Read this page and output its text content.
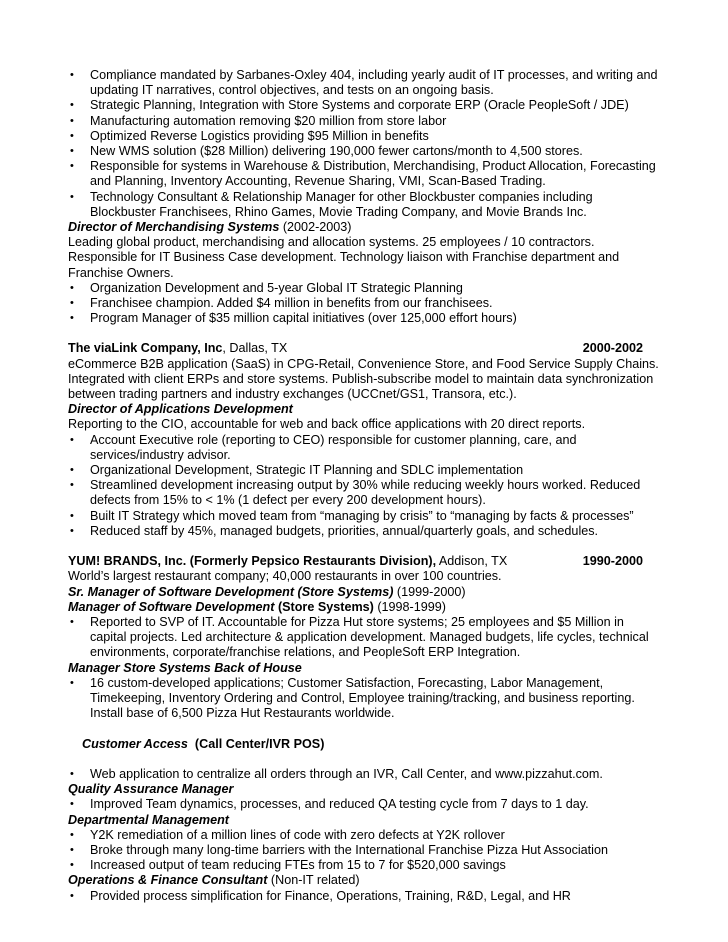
• Compliance mandated by Sarbanes-Oxley 404, including yearly audit of IT processes, and writing and updating IT narratives, control objectives, and tests on an ongoing basis.
• Strategic Planning, Integration with Store Systems and corporate ERP (Oracle PeopleSoft / JDE)
• Manufacturing automation removing $20 million from store labor
• Optimized Reverse Logistics providing $95 Million in benefits
• New WMS solution ($28 Million) delivering 190,000 fewer cartons/month to 4,500 stores.
• Responsible for systems in Warehouse & Distribution, Merchandising, Product Allocation, Forecasting and Planning, Inventory Accounting, Revenue Sharing, VMI, Scan-Based Trading.
• Technology Consultant & Relationship Manager for other Blockbuster companies including Blockbuster Franchisees, Rhino Games, Movie Trading Company, and Movie Brands Inc.
Director of Merchandising Systems (2002-2003)
Leading global product, merchandising and allocation systems. 25 employees / 10 contractors. Responsible for IT Business Case development. Technology liaison with Franchise department and Franchise Owners.
• Organization Development and 5-year Global IT Strategic Planning
• Franchisee champion. Added $4 million in benefits from our franchisees.
• Program Manager of $35 million capital initiatives (over 125,000 effort hours)
The viaLink Company, Inc, Dallas, TX	2000-2002
eCommerce B2B application (SaaS) in CPG-Retail, Convenience Store, and Food Service Supply Chains. Integrated with client ERPs and store systems. Publish-subscribe model to maintain data synchronization between trading partners and industry exchanges (UCCnet/GS1, Transora, etc.).
Director of Applications Development
Reporting to the CIO, accountable for web and back office applications with 20 direct reports.
• Account Executive role (reporting to CEO) responsible for customer planning, care, and services/industry advisor.
• Organizational Development, Strategic IT Planning and SDLC implementation
• Streamlined development increasing output by 30% while reducing weekly hours worked. Reduced defects from 15% to < 1% (1 defect per every 200 development hours).
• Built IT Strategy which moved team from “managing by crisis” to “managing by facts & processes”
• Reduced staff by 45%, managed budgets, priorities, annual/quarterly goals, and schedules.
YUM! BRANDS, Inc. (Formerly Pepsico Restaurants Division), Addison, TX	1990-2000
World’s largest restaurant company; 40,000 restaurants in over 100 countries.
Sr. Manager of Software Development (Store Systems) (1999-2000)
Manager of Software Development (Store Systems) (1998-1999)
• Reported to SVP of IT. Accountable for Pizza Hut store systems; 25 employees and $5 Million in capital projects. Led architecture & application development. Managed budgets, life cycles, technical environments, corporate/franchise relations, and PeopleSoft ERP Integration.
Manager Store Systems Back of House
• 16 custom-developed applications; Customer Satisfaction, Forecasting, Labor Management, Timekeeping, Inventory Ordering and Control, Employee training/tracking, and business reporting. Install base of 6,500 Pizza Hut Restaurants worldwide.

Customer Access  (Call Center/IVR POS)

• Web application to centralize all orders through an IVR, Call Center, and www.pizzahut.com.
Quality Assurance Manager
• Improved Team dynamics, processes, and reduced QA testing cycle from 7 days to 1 day.
Departmental Management
• Y2K remediation of a million lines of code with zero defects at Y2K rollover
• Broke through many long-time barriers with the International Franchise Pizza Hut Association
• Increased output of team reducing FTEs from 15 to 7 for $520,000 savings
Operations & Finance Consultant (Non-IT related)
• Provided process simplification for Finance, Operations, Training, R&D, Legal, and HR
